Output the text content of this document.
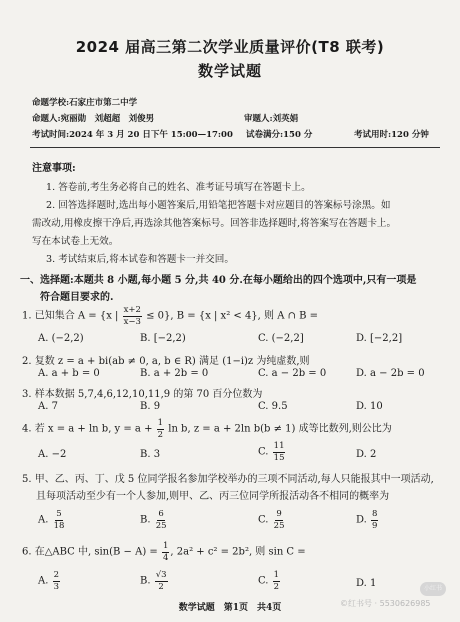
2024 届高三第二次学业质量评价(T8 联考)
数学试题
命题学校:石家庄市第二中学
命题人:宛丽勋　刘超超　刘俊男	审题人:刘英娟
考试时间:2024 年 3 月 20 日下午 15:00—17:00 试卷满分:150 分	考试用时:120 分钟
注意事项:
1. 答卷前,考生务必将自己的姓名、准考证号填写在答题卡上。
2. 回答选择题时,选出每小题答案后,用铅笔把答题卡对应题目的答案标号涂黑。如
需改动,用橡皮擦干净后,再选涂其他答案标号。回答非选择题时,将答案写在答题卡上。
写在本试卷上无效。
3. 考试结束后,将本试卷和答题卡一并交回。
一、选择题:本题共 8 小题,每小题 5 分,共 40 分.在每小题给出的四个选项中,只有一项是
符合题目要求的.
1. 已知集合 A = {x | $\frac{x+2}{x-3} \le 0$}, B = {x | x² < 4}, 则 A ∩ B =
A. (−2,2)	B. [−2,2)	C. (−2,2]	D. [−2,2]
2. 复数 z = a + bi(ab ≠ 0, a, b ∈ R) 满足 (1−i)z 为纯虚数,则
A. a + b = 0	B. a + 2b = 0	C. a − 2b = 0	D. a − 2b = 0
3. 样本数据 5,7,4,6,12,10,11,9 的第 70 百分位数为
A. 7	B. 9	C. 9.5	D. 10
4. 若 x = a + ln b, $y = a + \frac{1}{2}$ ln b, z = a + 2ln b(b ≠ 1) 成等比数列,则公比为
A. −2	B. 3	C. $\frac{11}{15}$	D. 2
5. 甲、乙、丙、丁、戊 5 位同学报名参加学校举办的三项不同活动,每人只能报其中一项活动,
且每项活动至少有一个人参加,则甲、乙、丙三位同学所报活动各不相同的概率为
A. $\frac{5}{18}$	B. $\frac{6}{25}$	C. $\frac{9}{25}$	D. $\frac{8}{9}$
6. 在△ABC 中, $\sin(B - A) = \frac{1}{4}$ , 2a² + c² = 2b², 则 sin C =
A. $\frac{2}{3}$	B. $\frac{√3}{2}$	C. $\frac{1}{2}$	D. 1	小红书
©红书号 · 5530626985
数学试题　第1页　共4页
